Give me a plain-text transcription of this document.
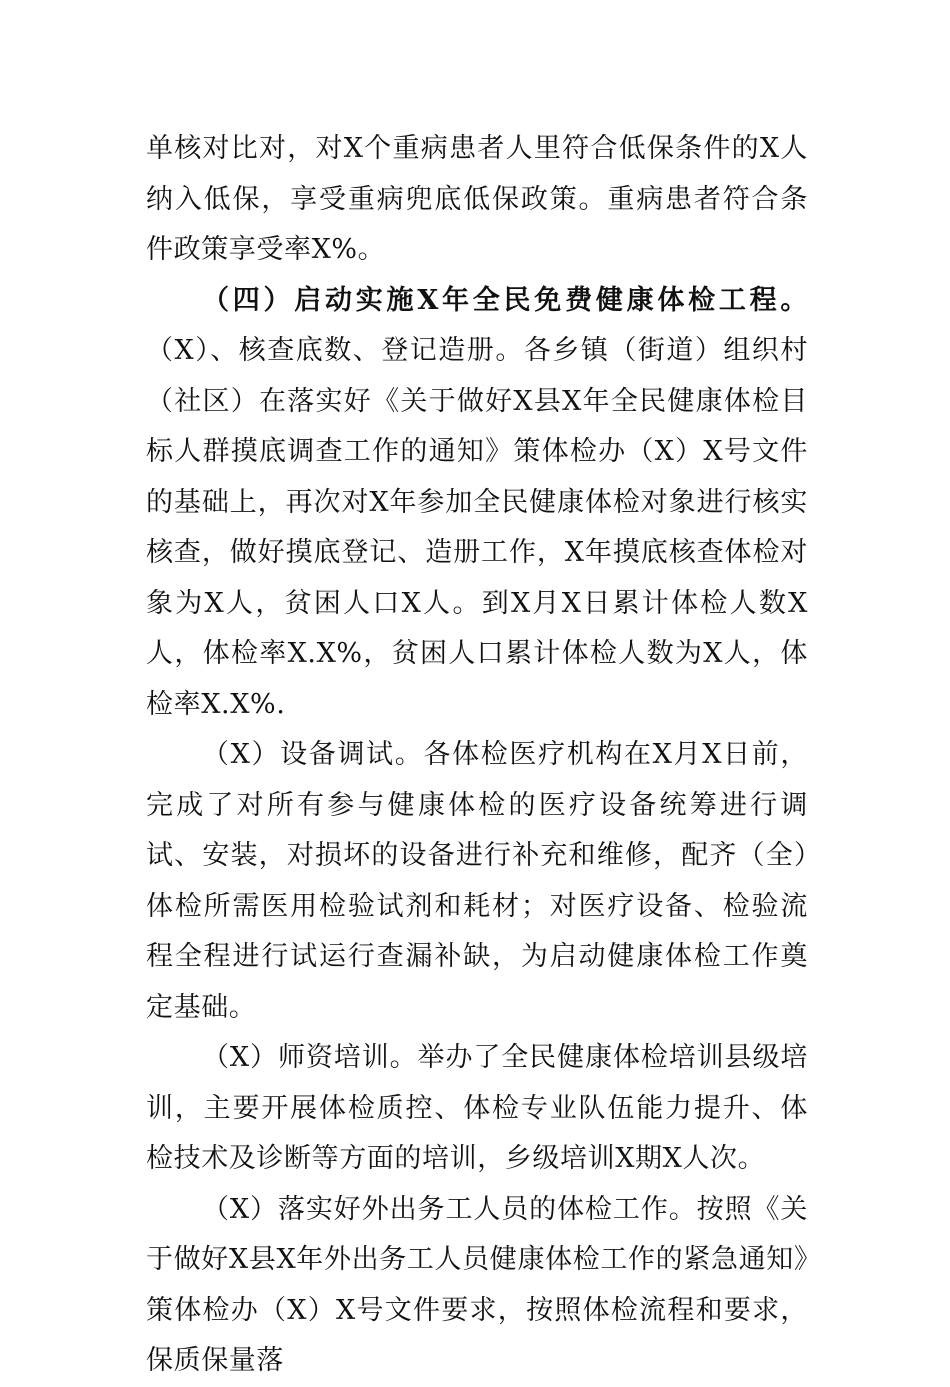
单核对比对，对X个重病患者人里符合低保条件的X人纳入低保，享受重病兜底低保政策。重病患者符合条件政策享受率X%。

（四）启动实施X年全民免费健康体检工程。（X）、核查底数、登记造册。各乡镇（街道）组织村（社区）在落实好《关于做好X县X年全民健康体检目标人群摸底调查工作的通知》策体检办（X）X号文件的基础上，再次对X年参加全民健康体检对象进行核实核查，做好摸底登记、造册工作，X年摸底核查体检对象为X人，贫困人口X人。到X月X日累计体检人数X人，体检率X.X%，贫困人口累计体检人数为X人，体检率X.X%.

（X）设备调试。各体检医疗机构在X月X日前，完成了对所有参与健康体检的医疗设备统筹进行调试、安装，对损坏的设备进行补充和维修，配齐（全）体检所需医用检验试剂和耗材；对医疗设备、检验流程全程进行试运行查漏补缺，为启动健康体检工作奠定基础。

（X）师资培训。举办了全民健康体检培训县级培训，主要开展体检质控、体检专业队伍能力提升、体检技术及诊断等方面的培训，乡级培训X期X人次。

（X）落实好外出务工人员的体检工作。按照《关于做好X县X年外出务工人员健康体检工作的紧急通知》策体检办（X）X号文件要求，按照体检流程和要求，保质保量落
